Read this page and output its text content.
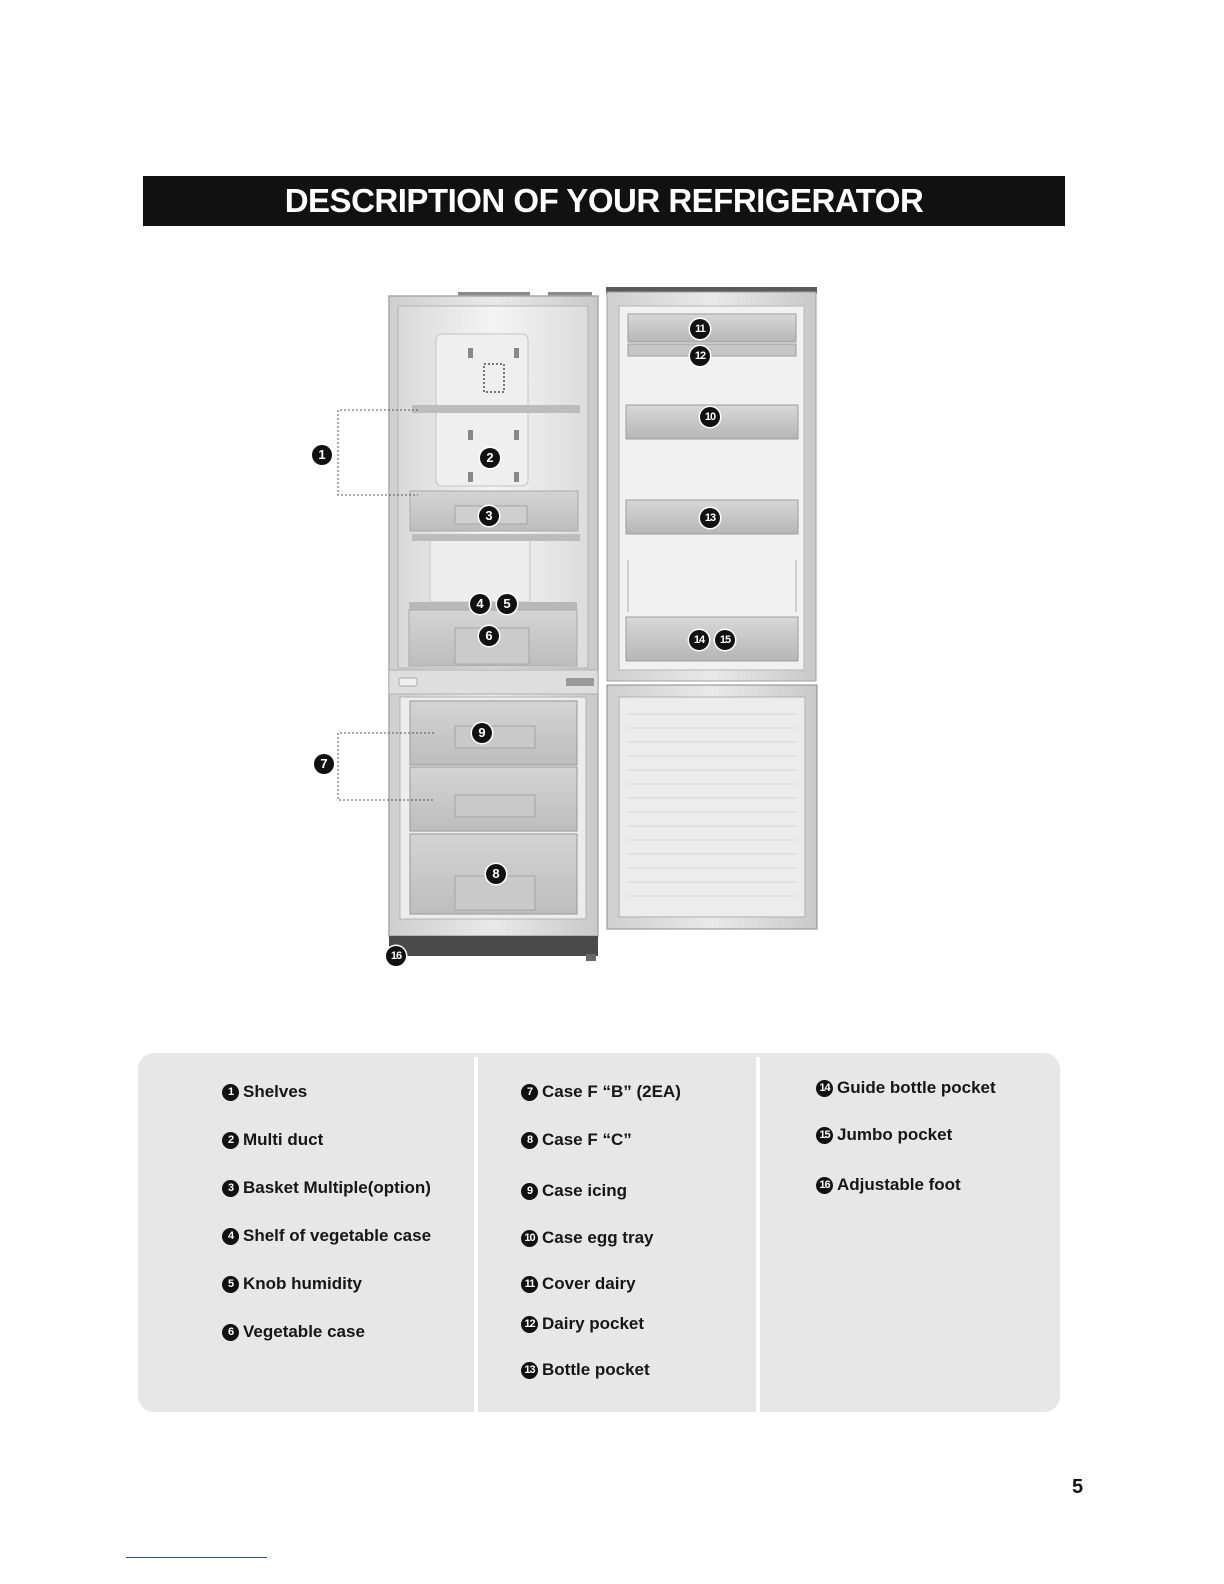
DESCRIPTION OF YOUR REFRIGERATOR
1	2
3
4	5
6
7
8
9
10
11
12
13
14	15
16
1 Shelves
2 Multi duct
3 Basket Multiple(option)
4 Shelf of vegetable case
5 Knob humidity
6 Vegetable case
7 Case F “B” (2EA)
8 Case F “C”
9 Case icing
10 Case egg tray
11 Cover dairy
12 Dairy pocket
13 Bottle pocket
14 Guide bottle pocket
15 Jumbo pocket
16 Adjustable foot
5
